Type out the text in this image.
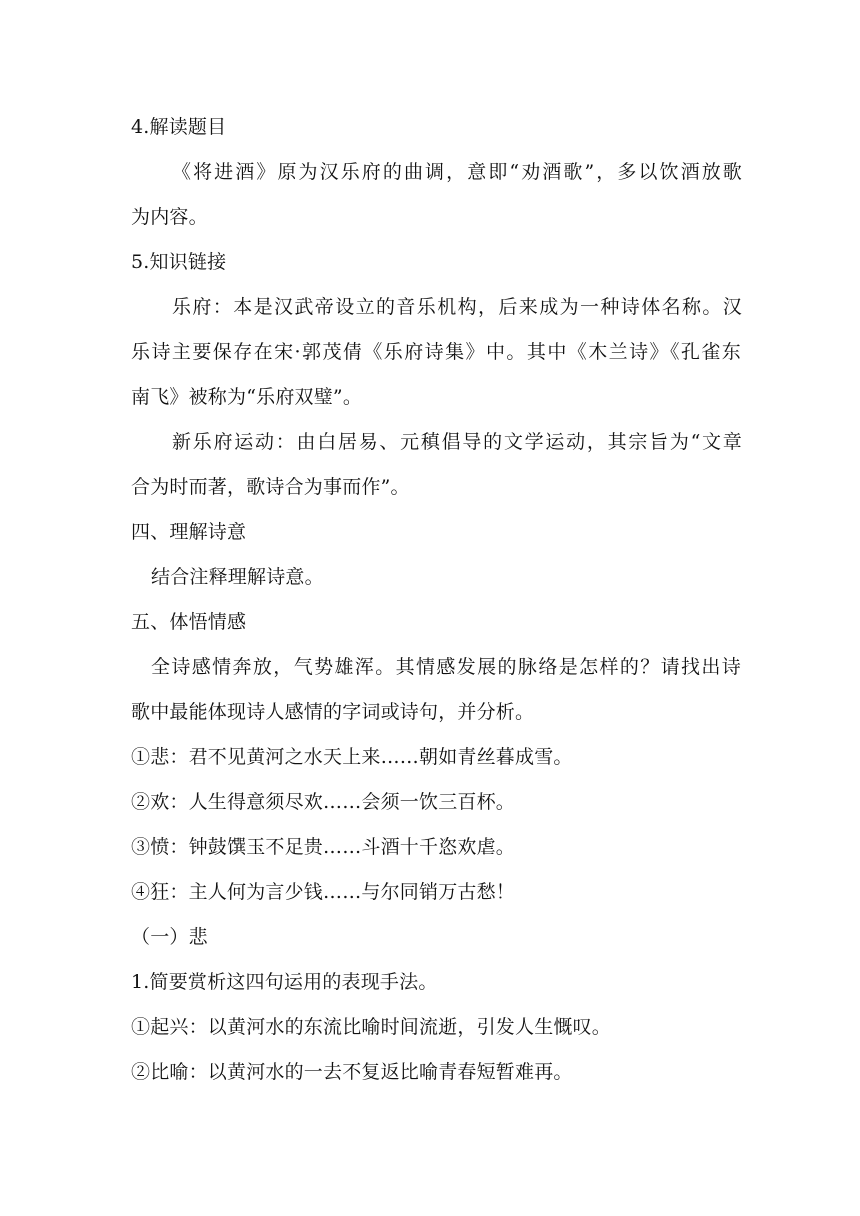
4.解读题目
《将进酒》原为汉乐府的曲调，意即“劝酒歌”，多以饮酒放歌
为内容。
5.知识链接
乐府：本是汉武帝设立的音乐机构，后来成为一种诗体名称。汉
乐诗主要保存在宋·郭茂倩《乐府诗集》中。其中《木兰诗》《孔雀东
南飞》被称为“乐府双璧”。
新乐府运动：由白居易、元稹倡导的文学运动，其宗旨为“文章
合为时而著，歌诗合为事而作”。
四、理解诗意
结合注释理解诗意。
五、体悟情感
全诗感情奔放，气势雄浑。其情感发展的脉络是怎样的？请找出诗
歌中最能体现诗人感情的字词或诗句，并分析。
①悲：君不见黄河之水天上来……朝如青丝暮成雪。
②欢：人生得意须尽欢……会须一饮三百杯。
③愤：钟鼓馔玉不足贵……斗酒十千恣欢虐。
④狂：主人何为言少钱……与尔同销万古愁！
（一）悲
1.简要赏析这四句运用的表现手法。
①起兴：以黄河水的东流比喻时间流逝，引发人生慨叹。
②比喻：以黄河水的一去不复返比喻青春短暂难再。
